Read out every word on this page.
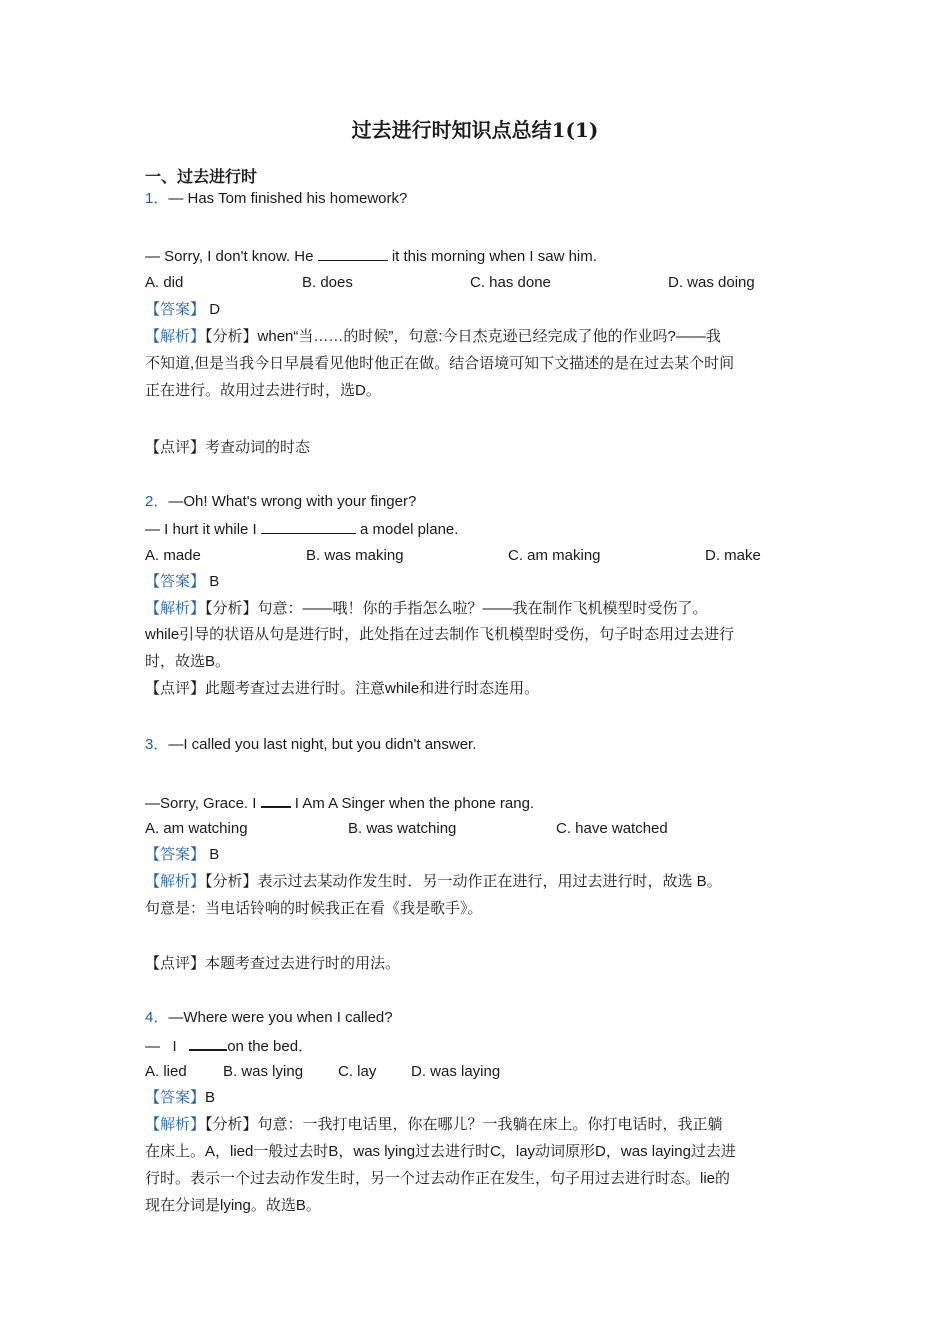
过去进行时知识点总结1(1)
一、过去进行时
1．— Has Tom finished his homework?
— Sorry, I don't know. He	it this morning when I saw him.
A. did	B. does	C. has done	D. was doing
【答案】 D
【解析】【分析】when“当……的时候”，句意:今日杰克逊已经完成了他的作业吗?——我
不知道,但是当我今日早晨看见他时他正在做。结合语境可知下文描述的是在过去某个时间
正在进行。故用过去进行时，选D。
【点评】考查动词的时态
2．—Oh! What's wrong with your finger?
— I hurt it while I	a model plane.
A. made	B. was making	C. am making	D. make
【答案】 B
【解析】【分析】句意：——哦！你的手指怎么啦？——我在制作飞机模型时受伤了。
while引导的状语从句是进行时，此处指在过去制作飞机模型时受伤，句子时态用过去进行
时，故选B。
【点评】此题考查过去进行时。注意while和进行时态连用。
3．—I called you last night, but you didn't answer.
—Sorry, Grace. I  I Am A Singer when the phone rang.
A. am watching	B. was watching	C. have watched
【答案】 B
【解析】【分析】表示过去某动作发生时．另一动作正在进行，用过去进行时，故选 B。
句意是：当电话铃响的时候我正在看《我是歌手》。
【点评】本题考查过去进行时的用法。
4．—Where were you when I called?
—   I	on the bed．
A. lied B. was lying C. lay D. was laying
【答案】B
【解析】【分析】句意：一我打电话里，你在哪儿？一我躺在床上。你打电话时，我正躺
在床上。A，lied一般过去时B，was lying过去进行时C，lay动词原形D，was laying过去进
行时。表示一个过去动作发生时，另一个过去动作正在发生，句子用过去进行时态。lie的
现在分词是lying。故选B。
